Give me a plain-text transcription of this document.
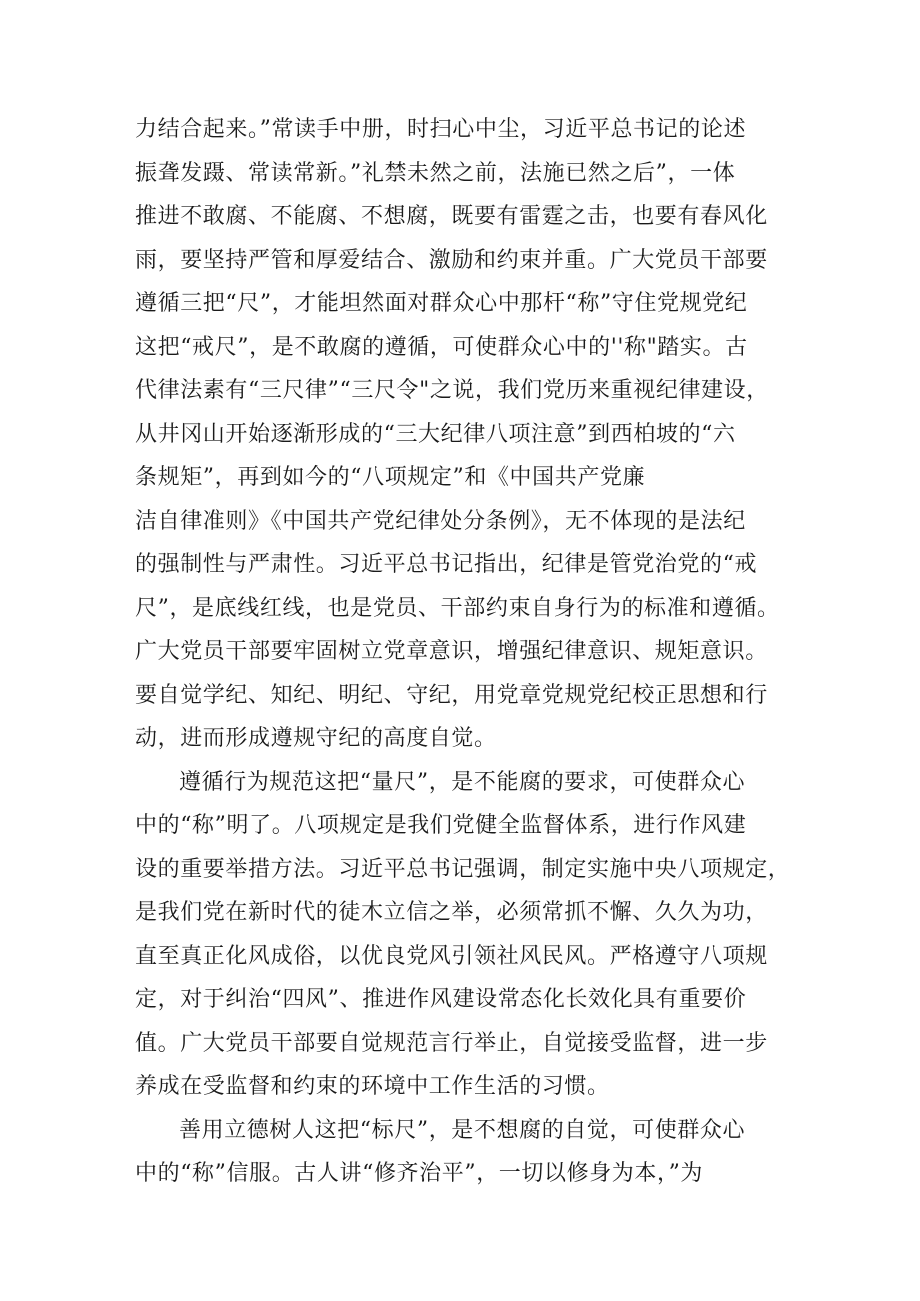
力结合起来。”常读手中册，时扫心中尘，习近平总书记的论述
振聋发蹑、常读常新。”礼禁未然之前，法施已然之后”，一体
推进不敢腐、不能腐、不想腐，既要有雷霆之击，也要有春风化
雨，要坚持严管和厚爱结合、激励和约束并重。广大党员干部要
遵循三把“尺”，才能坦然面对群众心中那杆“称”守住党规党纪
这把“戒尺”，是不敢腐的遵循，可使群众心中的''称"踏实。古
代律法素有“三尺律”“三尺令"之说，我们党历来重视纪律建设，
从井冈山开始逐渐形成的“三大纪律八项注意”到西柏坡的“六
条规矩”，再到如今的“八项规定”和《中国共产党廉
洁自律准则》《中国共产党纪律处分条例》，无不体现的是法纪
的强制性与严肃性。习近平总书记指出，纪律是管党治党的“戒
尺”，是底线红线，也是党员、干部约束自身行为的标准和遵循。
广大党员干部要牢固树立党章意识，增强纪律意识、规矩意识。
要自觉学纪、知纪、明纪、守纪，用党章党规党纪校正思想和行
动，进而形成遵规守纪的高度自觉。
遵循行为规范这把“量尺”，是不能腐的要求，可使群众心
中的“称”明了。八项规定是我们党健全监督体系，进行作风建
设的重要举措方法。习近平总书记强调，制定实施中央八项规定，
是我们党在新时代的徒木立信之举，必须常抓不懈、久久为功，
直至真正化风成俗，以优良党风引领社风民风。严格遵守八项规
定，对于纠治“四风”、推进作风建设常态化长效化具有重要价
值。广大党员干部要自觉规范言行举止，自觉接受监督，进一步
养成在受监督和约束的环境中工作生活的习惯。
善用立德树人这把“标尺”，是不想腐的自觉，可使群众心
中的“称”信服。古人讲“修齐治平”，一切以修身为本，”为
